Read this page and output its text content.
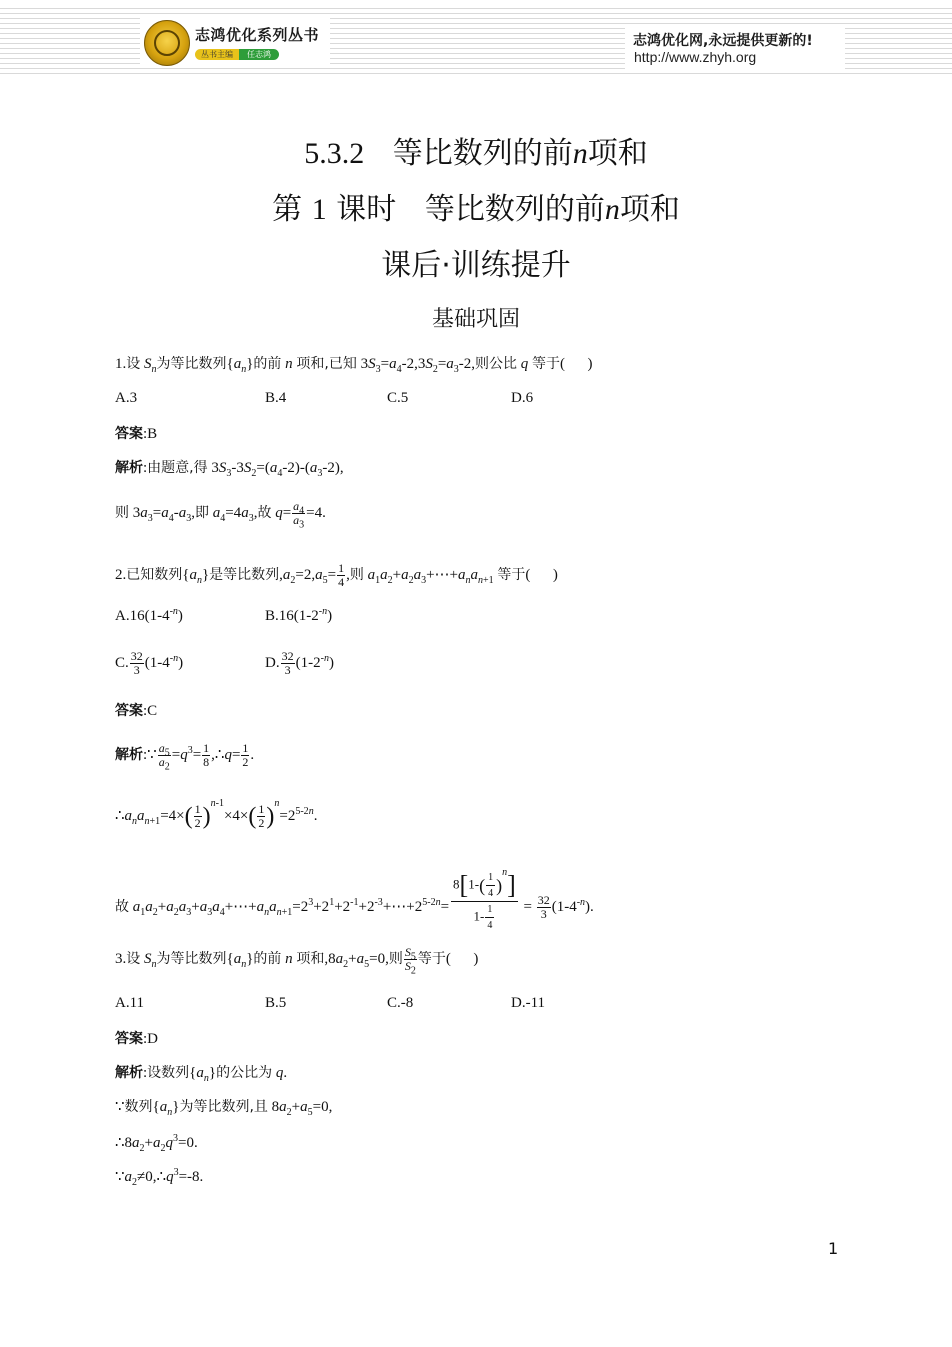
志鸿优化系列丛书
丛书主编 任志鸿
志鸿优化网,永远提供更新的!
http://www.zhyh.org
5.3.2 等比数列的前n项和
第 1 课时 等比数列的前n项和
课后·训练提升
基础巩固
1.设 $S_n$为等比数列$\{a_n\}$的前 n 项和,已知 $3S_3=a_4-2,3S_2=a_3-2$,则公比 q 等于(      )
A.3	B.4	C.5	D.6
答案:B
解析:由题意,得 $3S_3-3S_2=(a_4-2)-(a_3-2)$,
则 $3a_3=a_4-a_3$,即 $a_4=4a_3$,故 $q= \frac{a_4}{a_3} =4$.
2.已知数列$\{a_n\}$是等比数列$,a_2=2,a_5= \frac{1}{4}$ ,则 $a_1a_2+a_2a_3+\cdots+a_na_{n+1}$ 等于(      )
$A.16(1-4^{-n})$	$B.16(1-2^{-n})$
C. $\frac{32}{3} (1-4^{-n})$	D. $\frac{32}{3} (1-2^{-n})$
答案:C
解析:∵ $\frac{a_5}{a_2} =q^3= \frac{1}{8}$ ,∴q= $\frac{1}{2}$ .
$\therefore a_na_{n+1}=4\times( \frac{1}{2} )^{n-1}\times 4\times( \frac{1}{2} )^n=2^{5-2n}$.
故 $a_1a_2+a_2a_3+a_3a_4+\cdots+a_na_{n+1}=2^3+2^1+2^{-1}+2^{-3}+\cdots+2^{5-2n}= \frac{8[1-( \frac{1}{4} )^n]}{1- \frac{1}{4}} = \frac{32}{3} (1-4^{-n})$.
3.设 $S_n$为等比数列$\{a_n\}$的前 n 项和$,8a_2+a_5=0$,则 $\frac{S_5}{S_2}$ 等于(      )
A.11	B.5	C.-8	D.-11
答案:D
解析:设数列$\{a_n\}$的公比为 q.
∵数列$\{a_n\}$为等比数列,且 $8a_2+a_5=0$,
$\therefore 8a_2+a_2q^3=0$.
$\because a_2\ne 0,\therefore q^3=-8$.
1
